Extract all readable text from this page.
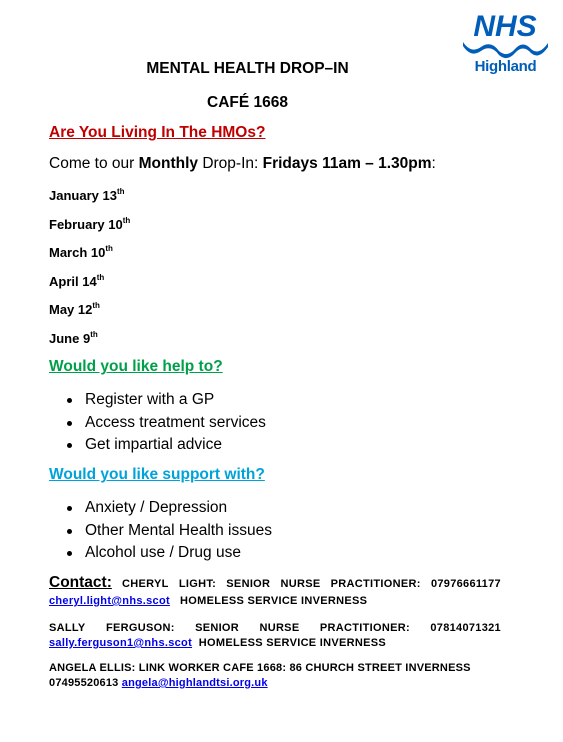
NHS
Highland
MENTAL HEALTH DROP–IN
CAFÉ 1668
Are You Living In The HMOs?
Come to our Monthly Drop-In: Fridays 11am – 1.30pm:
January 13th
February 10th
March 10th
April 14th
May 12th
June 9th
Would you like help to?
Register with a GP
Access treatment services
Get impartial advice
Would you like support with?
Anxiety / Depression
Other Mental Health issues
Alcohol use / Drug use
Contact: CHERYL LIGHT: SENIOR NURSE PRACTITIONER: 07976661177
cheryl.light@nhs.scot HOMELESS SERVICE INVERNESS
SALLY FERGUSON: SENIOR NURSE PRACTITIONER: 07814071321
sally.ferguson1@nhs.scot HOMELESS SERVICE INVERNESS
ANGELA ELLIS: LINK WORKER CAFE 1668: 86 CHURCH STREET INVERNESS
07495520613 angela@highlandtsi.org.uk
